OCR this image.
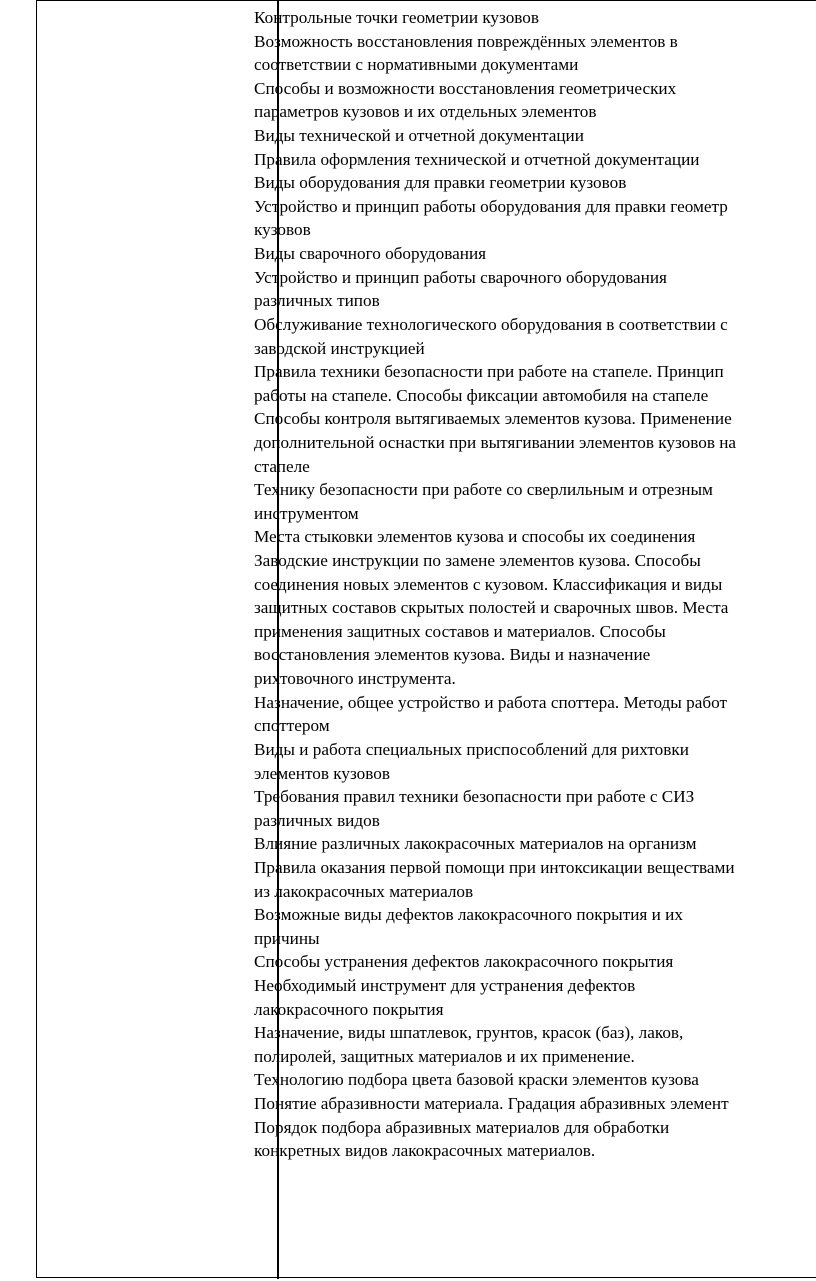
Контрольные точки геометрии кузовов
Возможность восстановления повреждённых элементов в
соответствии с нормативными документами
Способы и возможности восстановления геометрических
параметров кузовов и их отдельных элементов
Виды технической и отчетной документации
Правила оформления технической и отчетной документации
Виды оборудования для правки геометрии кузовов
Устройство и принцип работы оборудования для правки геометр
кузовов
Виды сварочного оборудования
Устройство и принцип работы сварочного оборудования
различных типов
Обслуживание технологического оборудования в соответствии с
заводской инструкцией
Правила техники безопасности при работе на стапеле. Принцип
работы на стапеле. Способы фиксации автомобиля на стапеле
Способы контроля вытягиваемых элементов кузова. Применение
дополнительной оснастки при вытягивании элементов кузовов на
стапеле
Технику безопасности при работе со сверлильным и отрезным
инструментом
Места стыковки элементов кузова и способы их соединения
Заводские инструкции по замене элементов кузова. Способы
соединения новых элементов с кузовом. Классификация и виды
защитных составов скрытых полостей и сварочных швов. Места
применения защитных составов и материалов. Способы
восстановления элементов кузова. Виды и назначение
рихтовочного инструмента.
Назначение, общее устройство и работа споттера. Методы работ
споттером
Виды и работа специальных приспособлений для рихтовки
элементов кузовов
Требования правил техники безопасности при работе с СИЗ
различных видов
Влияние различных лакокрасочных материалов на организм
Правила оказания первой помощи при интоксикации веществами
из лакокрасочных материалов
Возможные виды дефектов лакокрасочного покрытия и их
причины
Способы устранения дефектов лакокрасочного покрытия
Необходимый инструмент для устранения дефектов
лакокрасочного покрытия
Назначение, виды шпатлевок, грунтов, красок (баз), лаков,
полиролей, защитных материалов и их применение.
Технологию подбора цвета базовой краски элементов кузова
Понятие абразивности материала. Градация абразивных элемент
Порядок подбора абразивных материалов для обработки
конкретных видов лакокрасочных материалов.
